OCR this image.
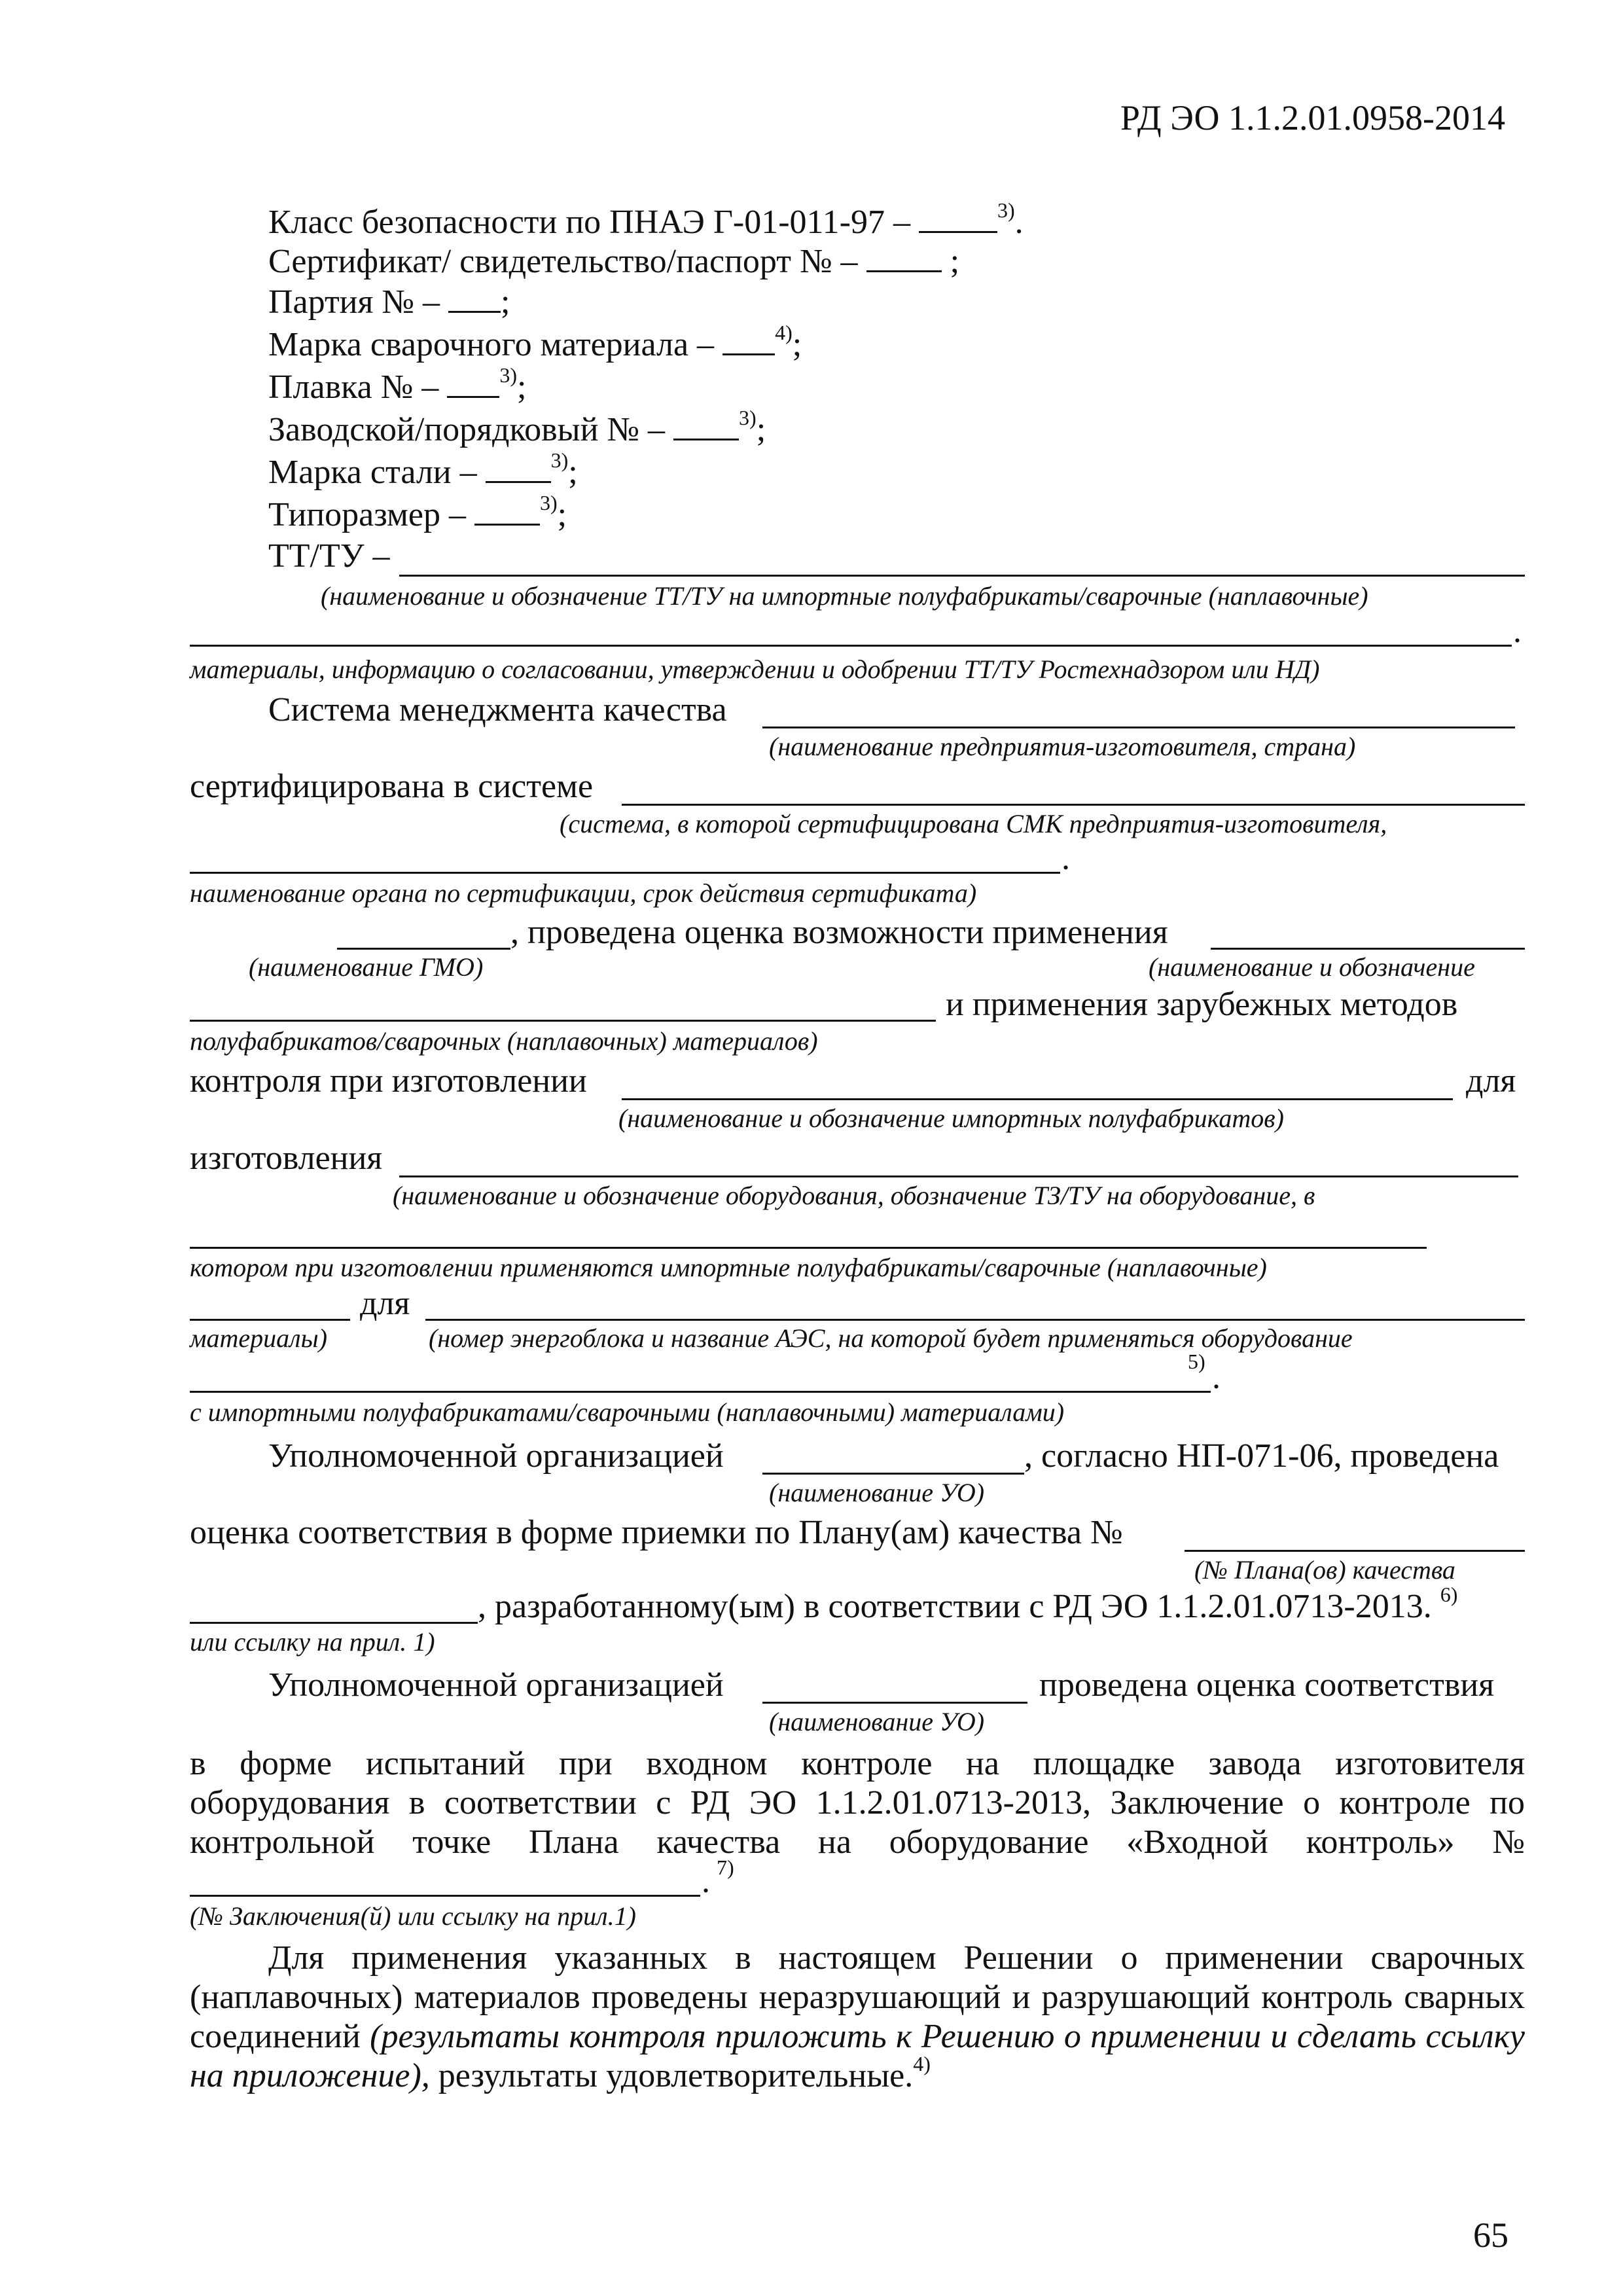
РД ЭО 1.1.2.01.0958-2014
Класс безопасности по ПНАЭ Г-01-011-97 –	$^{3)}$.
Сертификат/ свидетельство/паспорт № –  ;
Партия № – ;
Марка сварочного материала –	$^{4)}$;
Плавка № –	$^{3)}$;
Заводской/порядковый № –	$^{3)}$;
Марка стали –	$^{3)}$;
Типоразмер –	$^{3)}$;
ТТ/ТУ –
(наименование и обозначение ТТ/ТУ на импортные полуфабрикаты/сварочные (наплавочные)
.
материалы, информацию о согласовании, утверждении и одобрении ТТ/ТУ Ростехнадзором или НД)
Система менеджмента качества
(наименование предприятия-изготовителя, страна)
сертифицирована в системе
(система, в которой сертифицирована СМК предприятия-изготовителя,
.
наименование органа по сертификации, срок действия сертификата)
, проведена оценка возможности применения
(наименование ГМО)	(наименование и обозначение
и применения зарубежных методов
полуфабрикатов/сварочных (наплавочных) материалов)
контроля при изготовлении	для
(наименование и обозначение импортных полуфабрикатов)
изготовления
(наименование и обозначение оборудования, обозначение ТЗ/ТУ на оборудование, в
котором при изготовлении применяются импортные полуфабрикаты/сварочные (наплавочные)
для
материалы)	(номер энергоблока и название АЭС, на которой будет применяться оборудование
.
5)
с импортными полуфабрикатами/сварочными (наплавочными) материалами)
Уполномоченной организацией	, согласно НП-071-06, проведена
(наименование УО)
оценка соответствия в форме приемки по Плану(ам) качества №
(№ Плана(ов) качества
, разработанному(ым) в соответствии с РД ЭО 1.1.2.01.0713-2013. $^{6)}$
или ссылку на прил. 1)
Уполномоченной организацией	проведена оценка соответствия
(наименование УО)
в форме испытаний при входном контроле на площадке завода изготовителя
оборудования в соответствии с РД ЭО 1.1.2.01.0713-2013, Заключение о контроле по
контрольной точке Плана качества на оборудование «Входной контроль» №
. 7)
(№ Заключения(й) или ссылку на прил.1)
Для применения указанных в настоящем Решении о применении сварочных (наплавочных) материалов проведены неразрушающий и разрушающий контроль сварных соединений (результаты контроля приложить к Решению о применении и сделать ссылку на приложение), результаты удовлетворительные.$^{4)}$
65
